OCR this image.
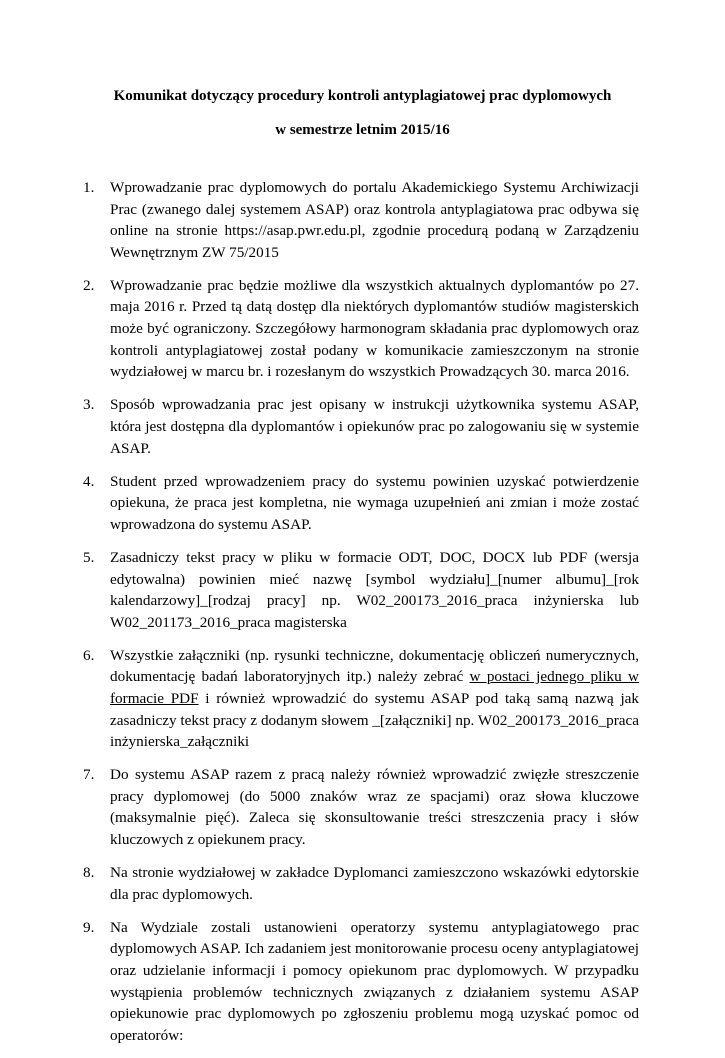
Komunikat dotyczący procedury kontroli antyplagiatowej prac dyplomowych

w semestrze letnim 2015/16

1. Wprowadzanie prac dyplomowych do portalu Akademickiego Systemu Archiwizacji Prac (zwanego dalej systemem ASAP) oraz kontrola antyplagiatowa prac odbywa się online na stronie https://asap.pwr.edu.pl, zgodnie procedurą podaną w Zarządzeniu Wewnętrznym ZW 75/2015
2. Wprowadzanie prac będzie możliwe dla wszystkich aktualnych dyplomantów po 27. maja 2016 r. Przed tą datą dostęp dla niektórych dyplomantów studiów magisterskich może być ograniczony. Szczegółowy harmonogram składania prac dyplomowych oraz kontroli antyplagiatowej został podany w komunikacie zamieszczonym na stronie wydziałowej w marcu br. i rozesłanym do wszystkich Prowadzących 30. marca 2016.
3. Sposób wprowadzania prac jest opisany w instrukcji użytkownika systemu ASAP, która jest dostępna dla dyplomantów i opiekunów prac po zalogowaniu się w systemie ASAP.
4. Student przed wprowadzeniem pracy do systemu powinien uzyskać potwierdzenie opiekuna, że praca jest kompletna, nie wymaga uzupełnień ani zmian i może zostać wprowadzona do systemu ASAP.
5. Zasadniczy tekst pracy w pliku w formacie ODT, DOC, DOCX lub PDF (wersja edytowalna) powinien mieć nazwę [symbol wydziału]_[numer albumu]_[rok kalendarzowy]_[rodzaj pracy] np. W02_200173_2016_praca inżynierska lub W02_201173_2016_praca magisterska
6. Wszystkie załączniki (np. rysunki techniczne, dokumentację obliczeń numerycznych, dokumentację badań laboratoryjnych itp.) należy zebrać w postaci jednego pliku w formacie PDF i również wprowadzić do systemu ASAP pod taką samą nazwą jak zasadniczy tekst pracy z dodanym słowem _[załączniki] np. W02_200173_2016_praca inżynierska_załączniki
7. Do systemu ASAP razem z pracą należy również wprowadzić zwięzłe streszczenie pracy dyplomowej (do 5000 znaków wraz ze spacjami) oraz słowa kluczowe (maksymalnie pięć). Zaleca się skonsultowanie treści streszczenia pracy i słów kluczowych z opiekunem pracy.
8. Na stronie wydziałowej w zakładce Dyplomanci zamieszczono wskazówki edytorskie dla prac dyplomowych.
9. Na Wydziale zostali ustanowieni operatorzy systemu antyplagiatowego prac dyplomowych ASAP. Ich zadaniem jest monitorowanie procesu oceny antyplagiatowej oraz udzielanie informacji i pomocy opiekunom prac dyplomowych. W przypadku wystąpienia problemów technicznych związanych z działaniem systemu ASAP opiekunowie prac dyplomowych po zgłoszeniu problemu mogą uzyskać pomoc od operatorów:
